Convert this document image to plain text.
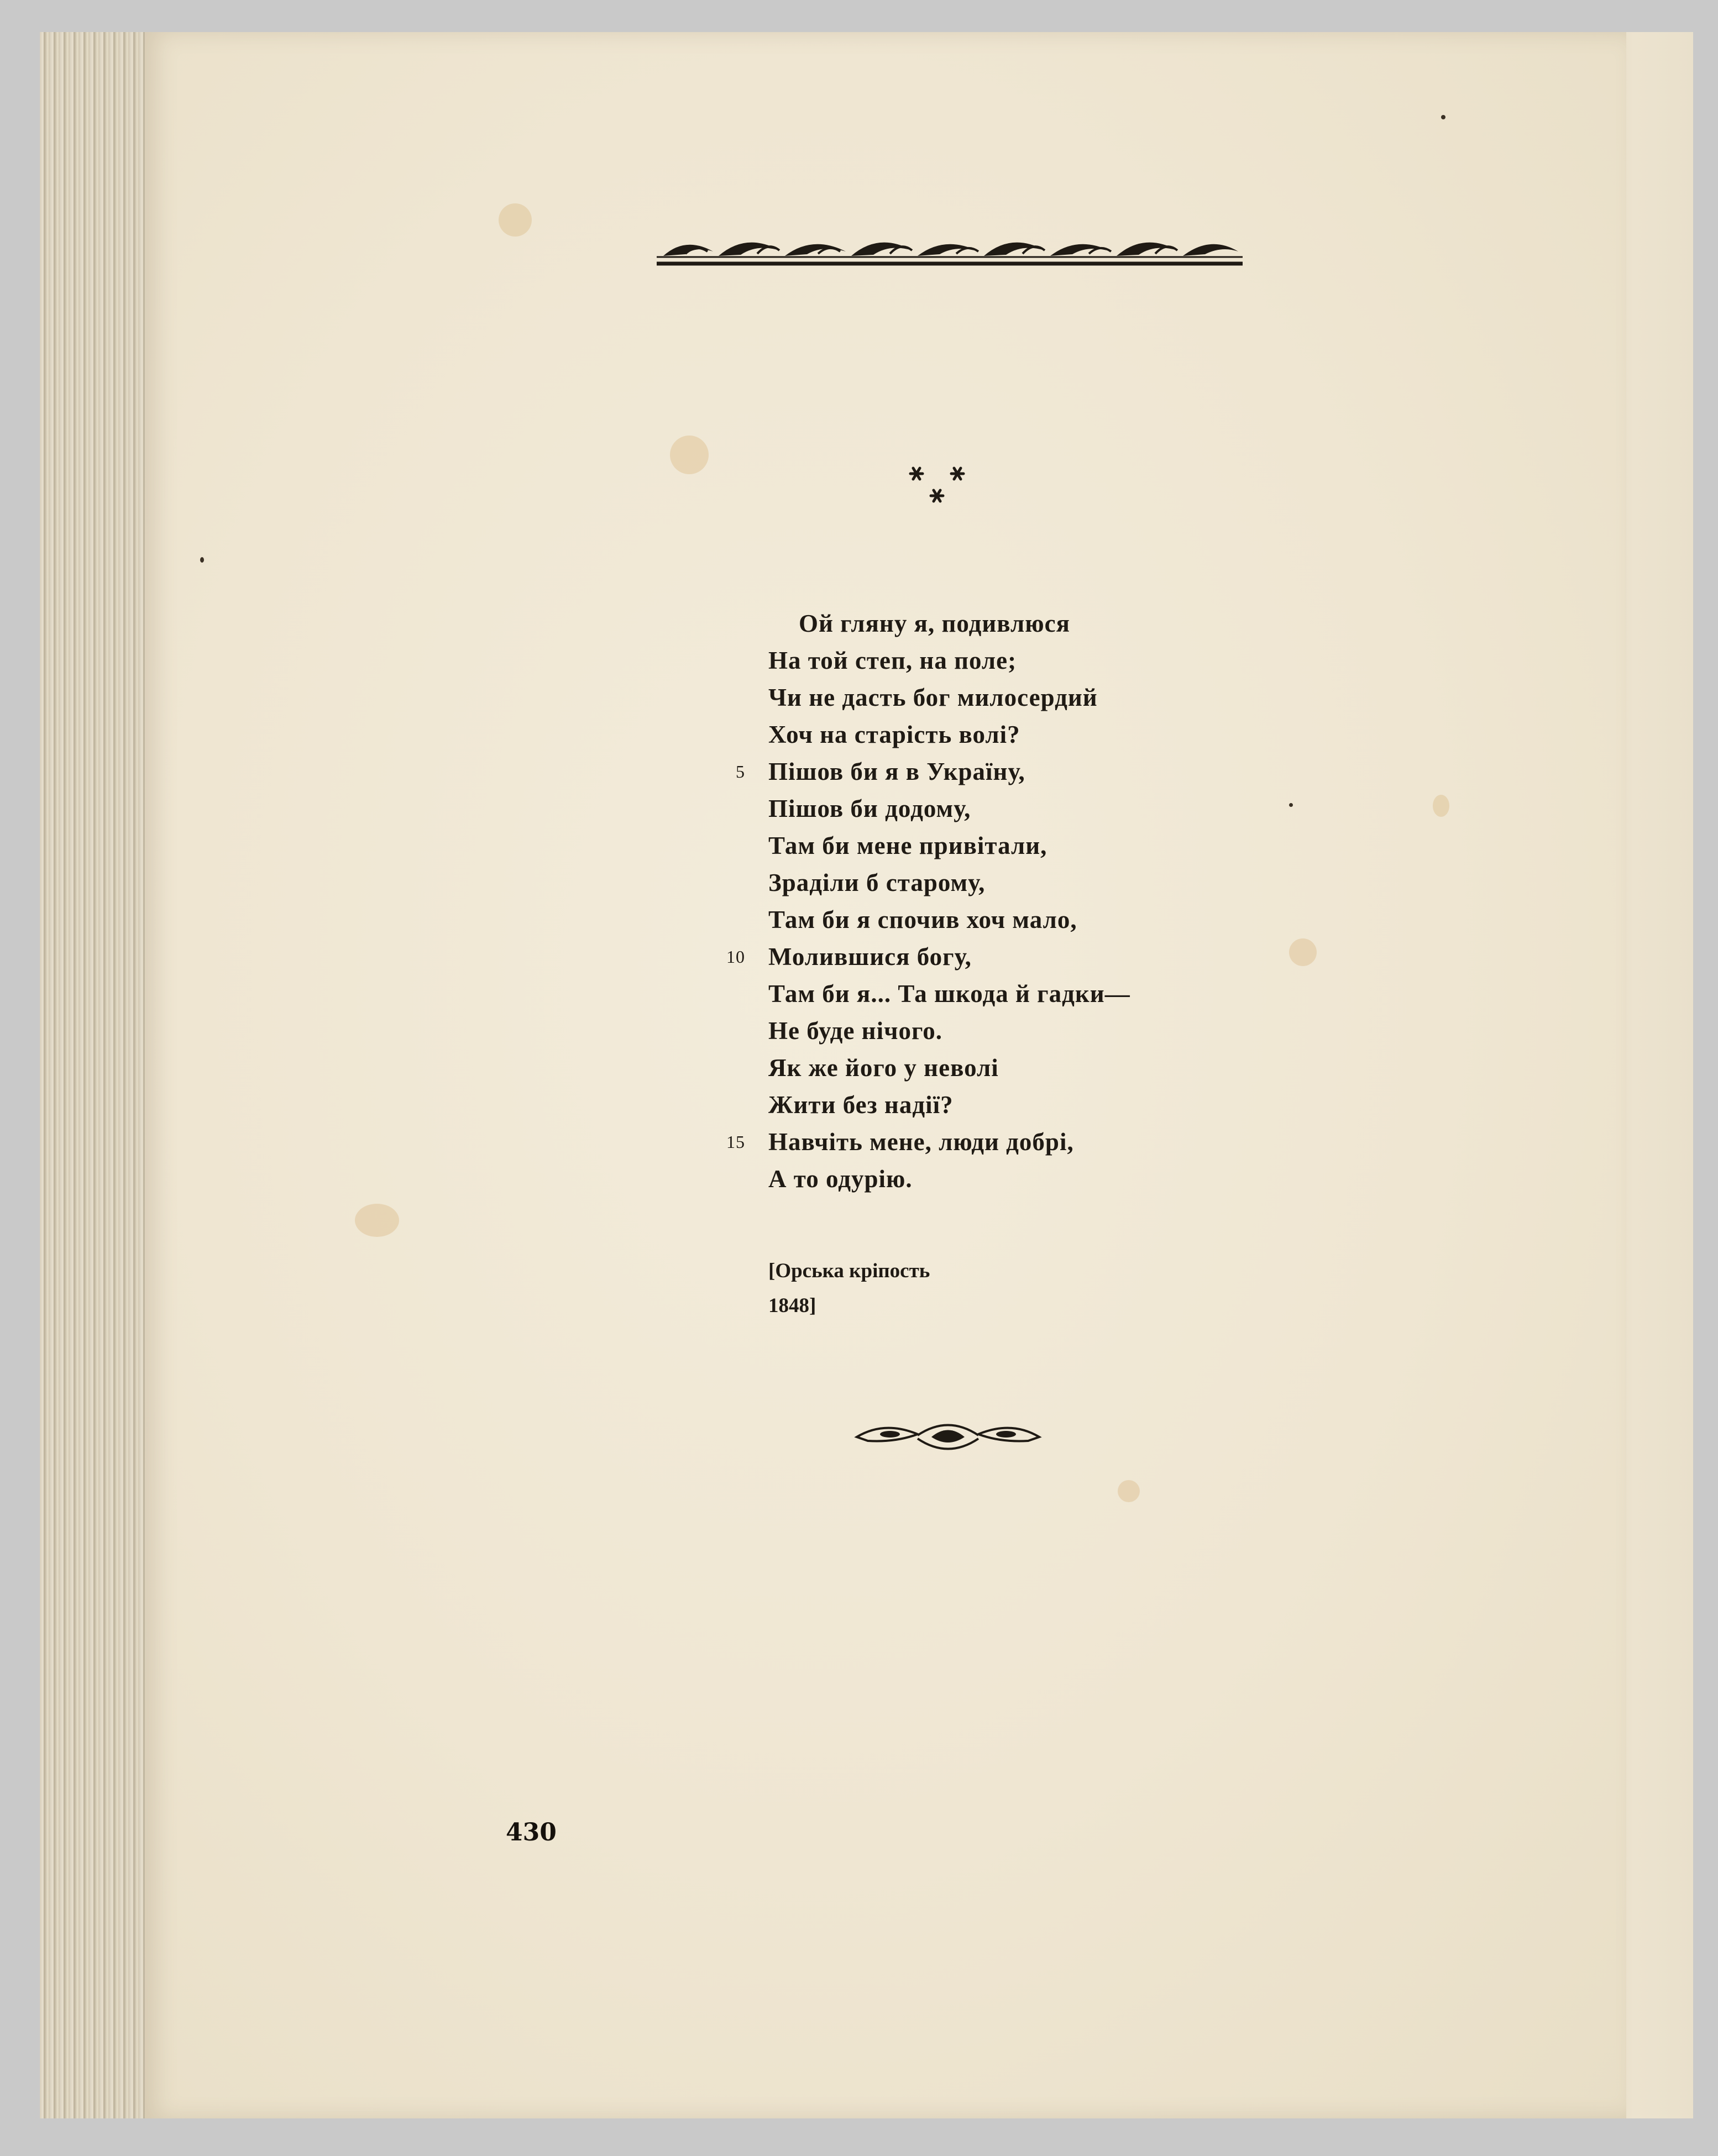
Ой гляну я, подивлюся
На той степ, на поле;
Чи не дасть бог милосердий
Хоч на старість волі?
5 Пішов би я в Україну,
Пішов би додому,
Там би мене привітали,
Зраділи б старому,
Там би я спочив хоч мало,
10 Молившися богу,
Там би я... Та шкода й гадки—
Не буде нічого.
Як же його у неволі
Жити без надії?
15 Навчіть мене, люди добрі,
А то одурію.
[Орська кріпость
1848]
430
